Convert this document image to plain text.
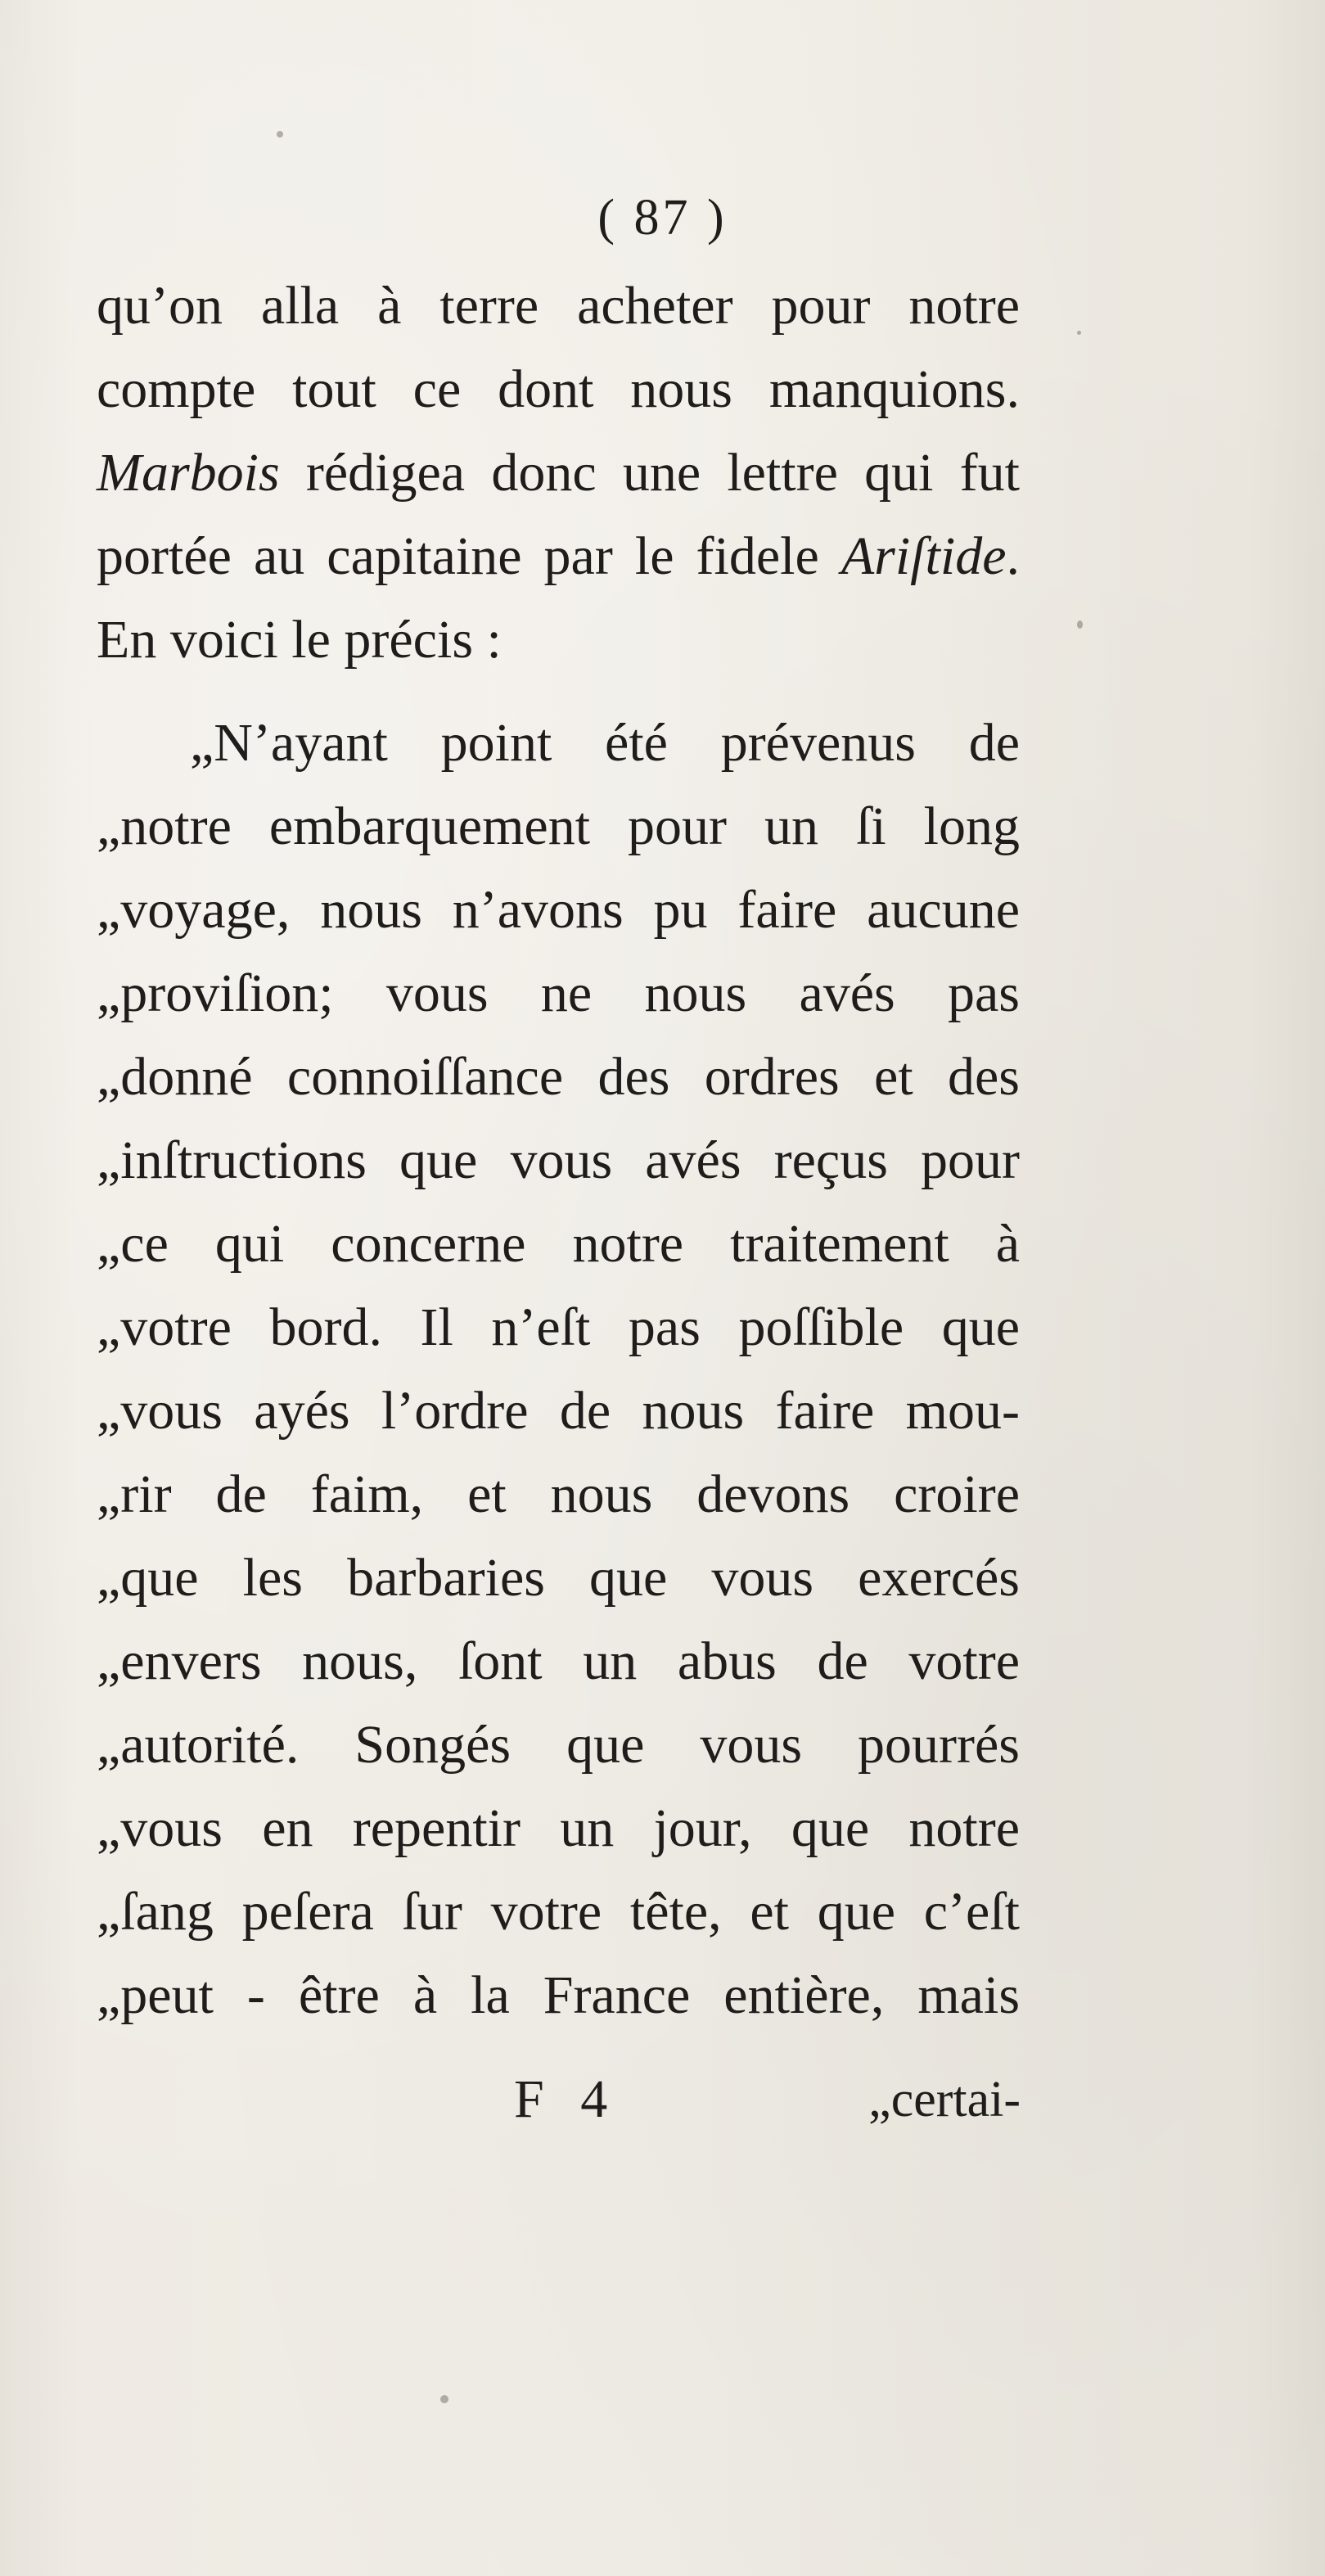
( 87 )
qu’on alla à terre acheter pour notre
compte tout ce dont nous manquions.
Marbois rédigea donc une lettre qui fut
portée au capitaine par le fidele Ariſtide.
En voici le précis :
„N’ayant point été prévenus de
„notre embarquement pour un ſi long
„voyage, nous n’avons pu faire aucune
„proviſion; vous ne nous avés pas
„donné connoiſſance des ordres et des
„inſtructions que vous avés reçus pour
„ce qui concerne notre traitement à
„votre bord. Il n’eſt pas poſſible que
„vous ayés l’ordre de nous faire mou-
„rir de faim, et nous devons croire
„que les barbaries que vous exercés
„envers nous, ſont un abus de votre
„autorité. Songés que vous pourrés
„vous en repentir un jour, que notre
„ſang peſera ſur votre tête, et que c’eſt
„peut - être à la France entière, mais
F 4	„certai-
